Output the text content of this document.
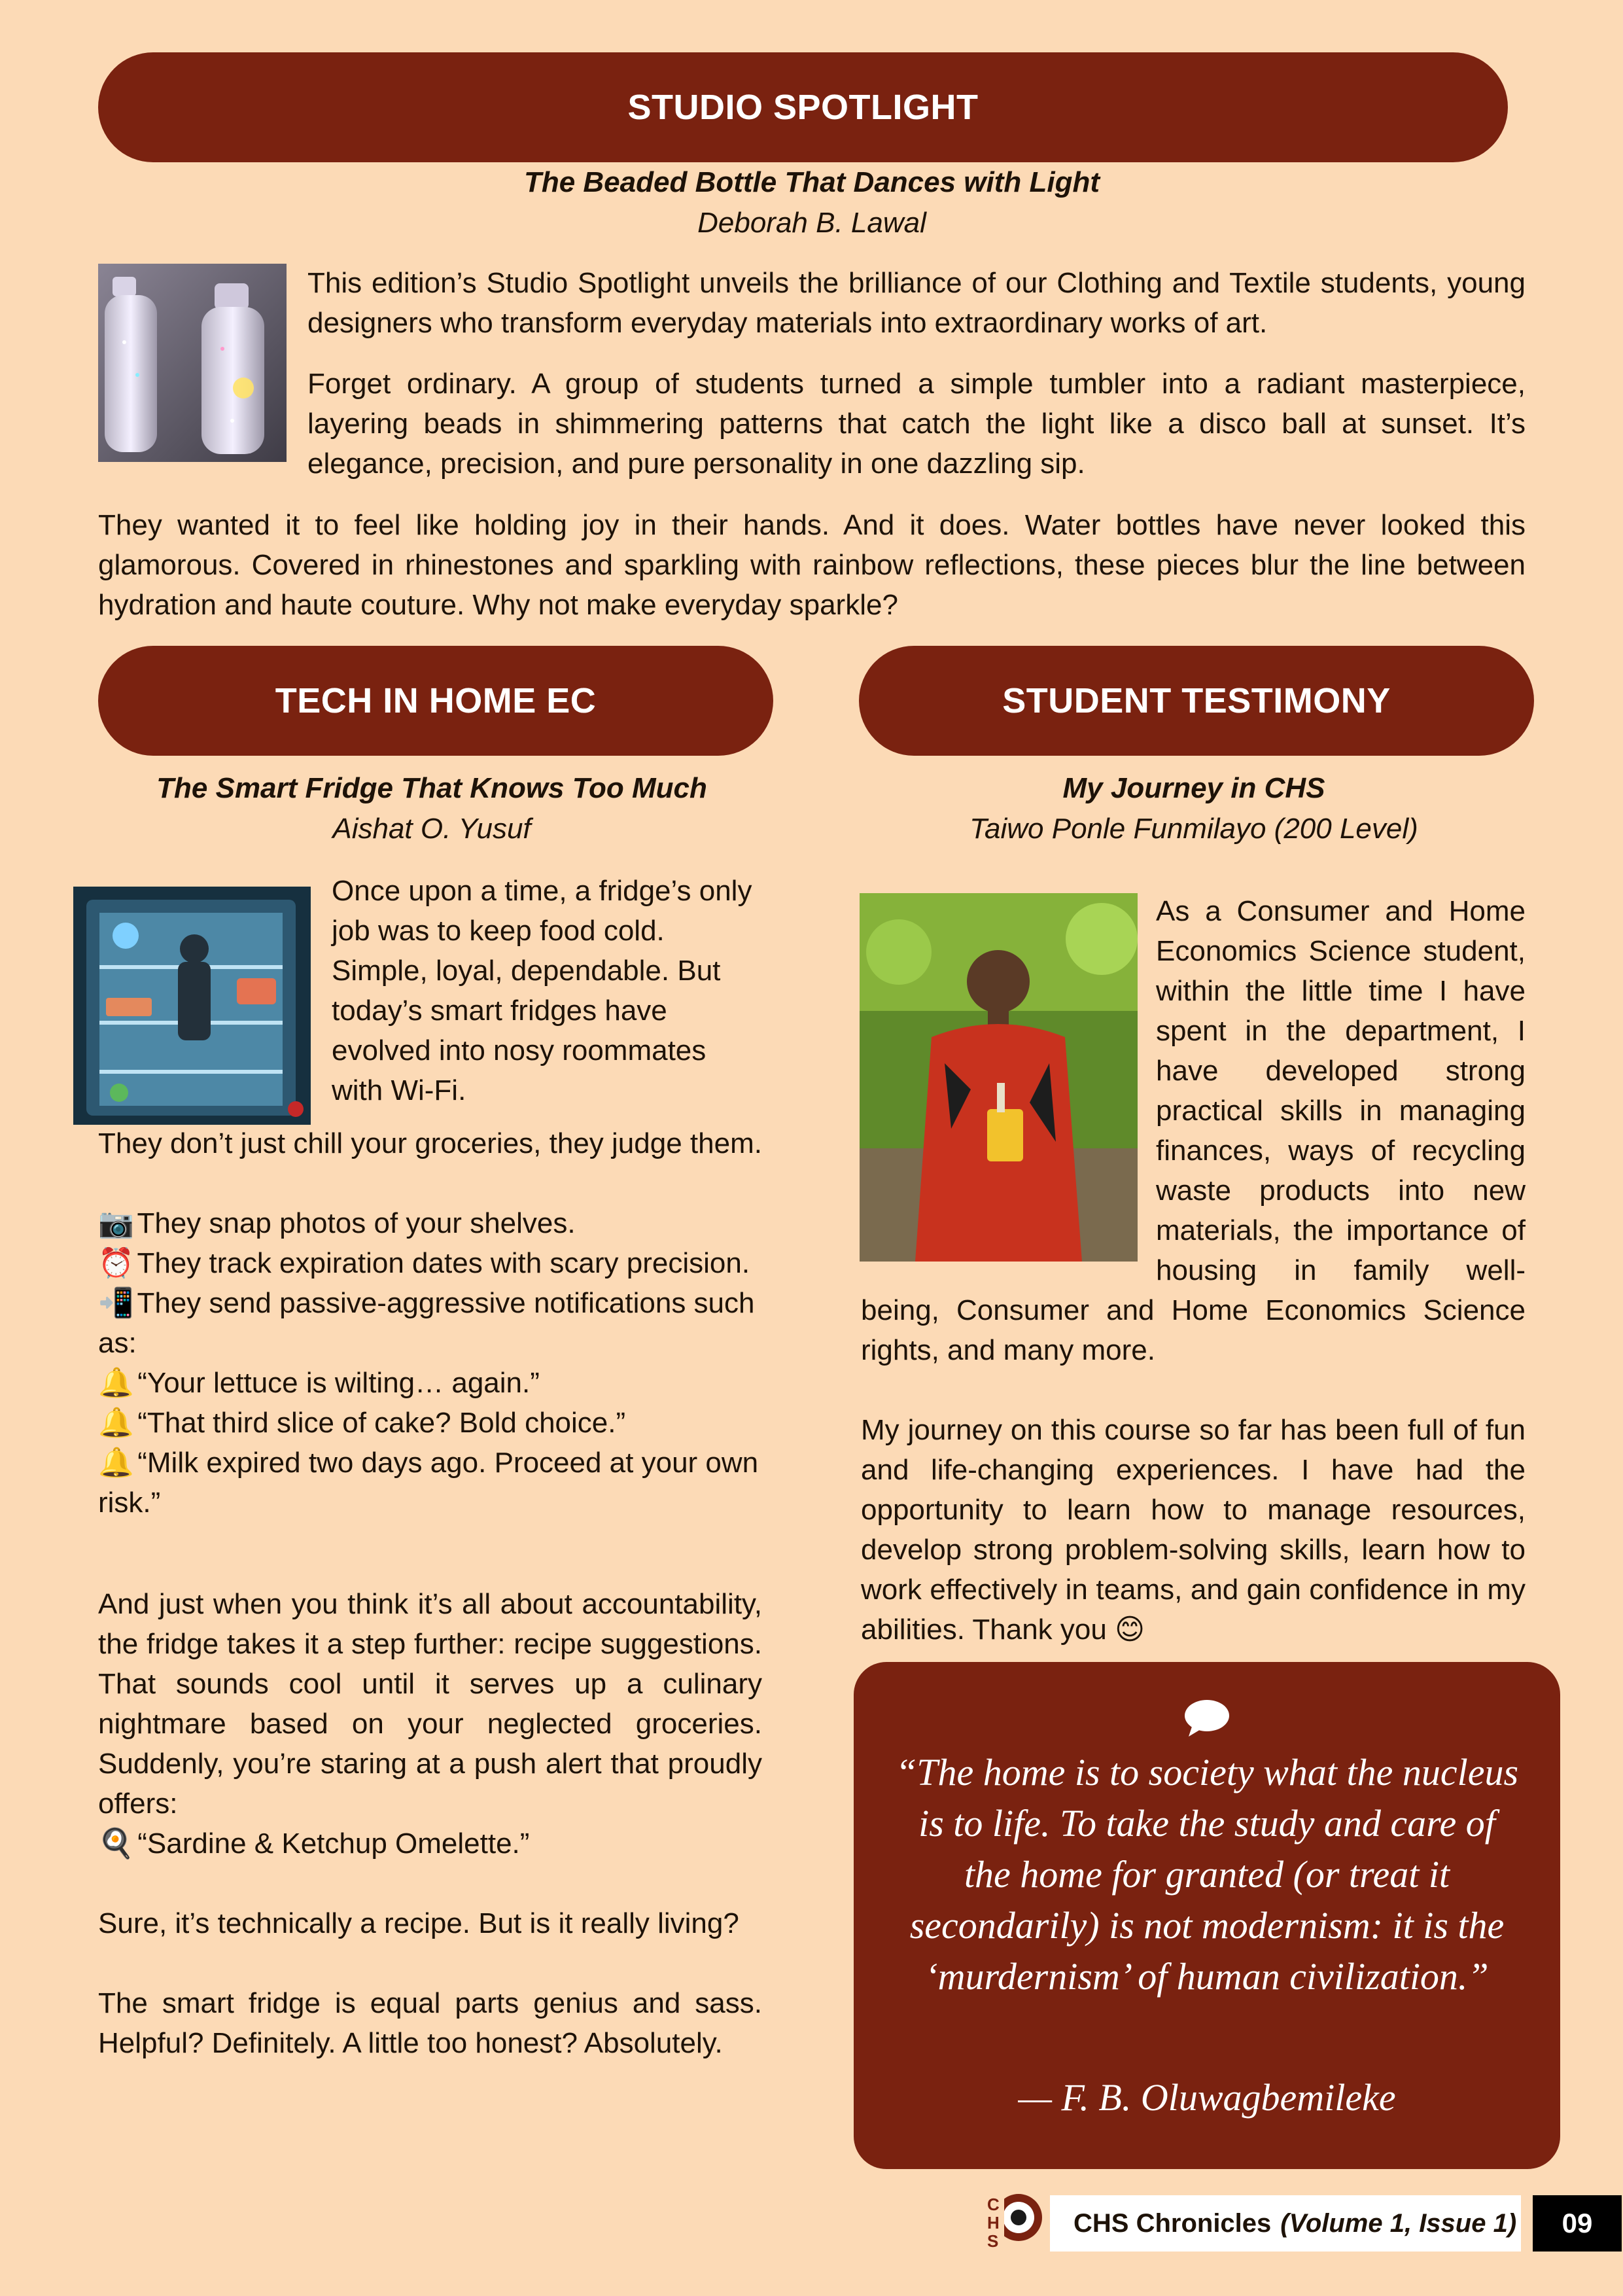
STUDIO SPOTLIGHT
The Beaded Bottle That Dances with Light
Deborah B. Lawal

This edition’s Studio Spotlight unveils the brilliance of our Clothing and Textile students, young designers who transform everyday materials into extraordinary works of art.

Forget ordinary. A group of students turned a simple tumbler into a radiant masterpiece, layering beads in shimmering patterns that catch the light like a disco ball at sunset. It’s elegance, precision, and pure personality in one dazzling sip.

They wanted it to feel like holding joy in their hands. And it does. Water bottles have never looked this glamorous. Covered in rhinestones and sparkling with rainbow reflections, these pieces blur the line between hydration and haute couture. Why not make everyday sparkle?

TECH IN HOME EC
The Smart Fridge That Knows Too Much
Aishat O. Yusuf

Once upon a time, a fridge’s only job was to keep food cold. Simple, loyal, dependable. But today’s smart fridges have evolved into nosy roommates with Wi-Fi.

They don’t just chill your groceries, they judge them.

📷 They snap photos of your shelves.
⏰ They track expiration dates with scary precision.
📲 They send passive-aggressive notifications such as:
🔔 “Your lettuce is wilting… again.”
🔔 “That third slice of cake? Bold choice.”
🔔 “Milk expired two days ago. Proceed at your own risk.”

And just when you think it’s all about accountability, the fridge takes it a step further: recipe suggestions. That sounds cool until it serves up a culinary nightmare based on your neglected groceries. Suddenly, you’re staring at a push alert that proudly offers:

🍳 “Sardine & Ketchup Omelette.”

Sure, it’s technically a recipe. But is it really living?

The smart fridge is equal parts genius and sass. Helpful? Definitely. A little too honest? Absolutely.

STUDENT TESTIMONY
My Journey in CHS
Taiwo Ponle Funmilayo (200 Level)
As a Consumer and Home
Economics Science student,
within the little time I have
spent in the department, I
have developed strong
practical skills in managing
finances, ways of recycling
waste products into new
materials, the importance of
housing in family well-

being, Consumer and Home Economics Science rights, and many more.

My journey on this course so far has been full of fun and life-changing experiences. I have had the opportunity to learn how to manage resources, develop strong problem-solving skills, learn how to work effectively in teams, and gain confidence in my abilities. Thank you 😊

“The home is to society what the nucleus is to life. To take the study and care of the home for granted (or treat it secondarily) is not modernism: it is the ‘murdernism’ of human civilization.”
— F. B. Oluwagbemileke
CHS
CHS Chronicles (Volume 1, Issue 1)	09
